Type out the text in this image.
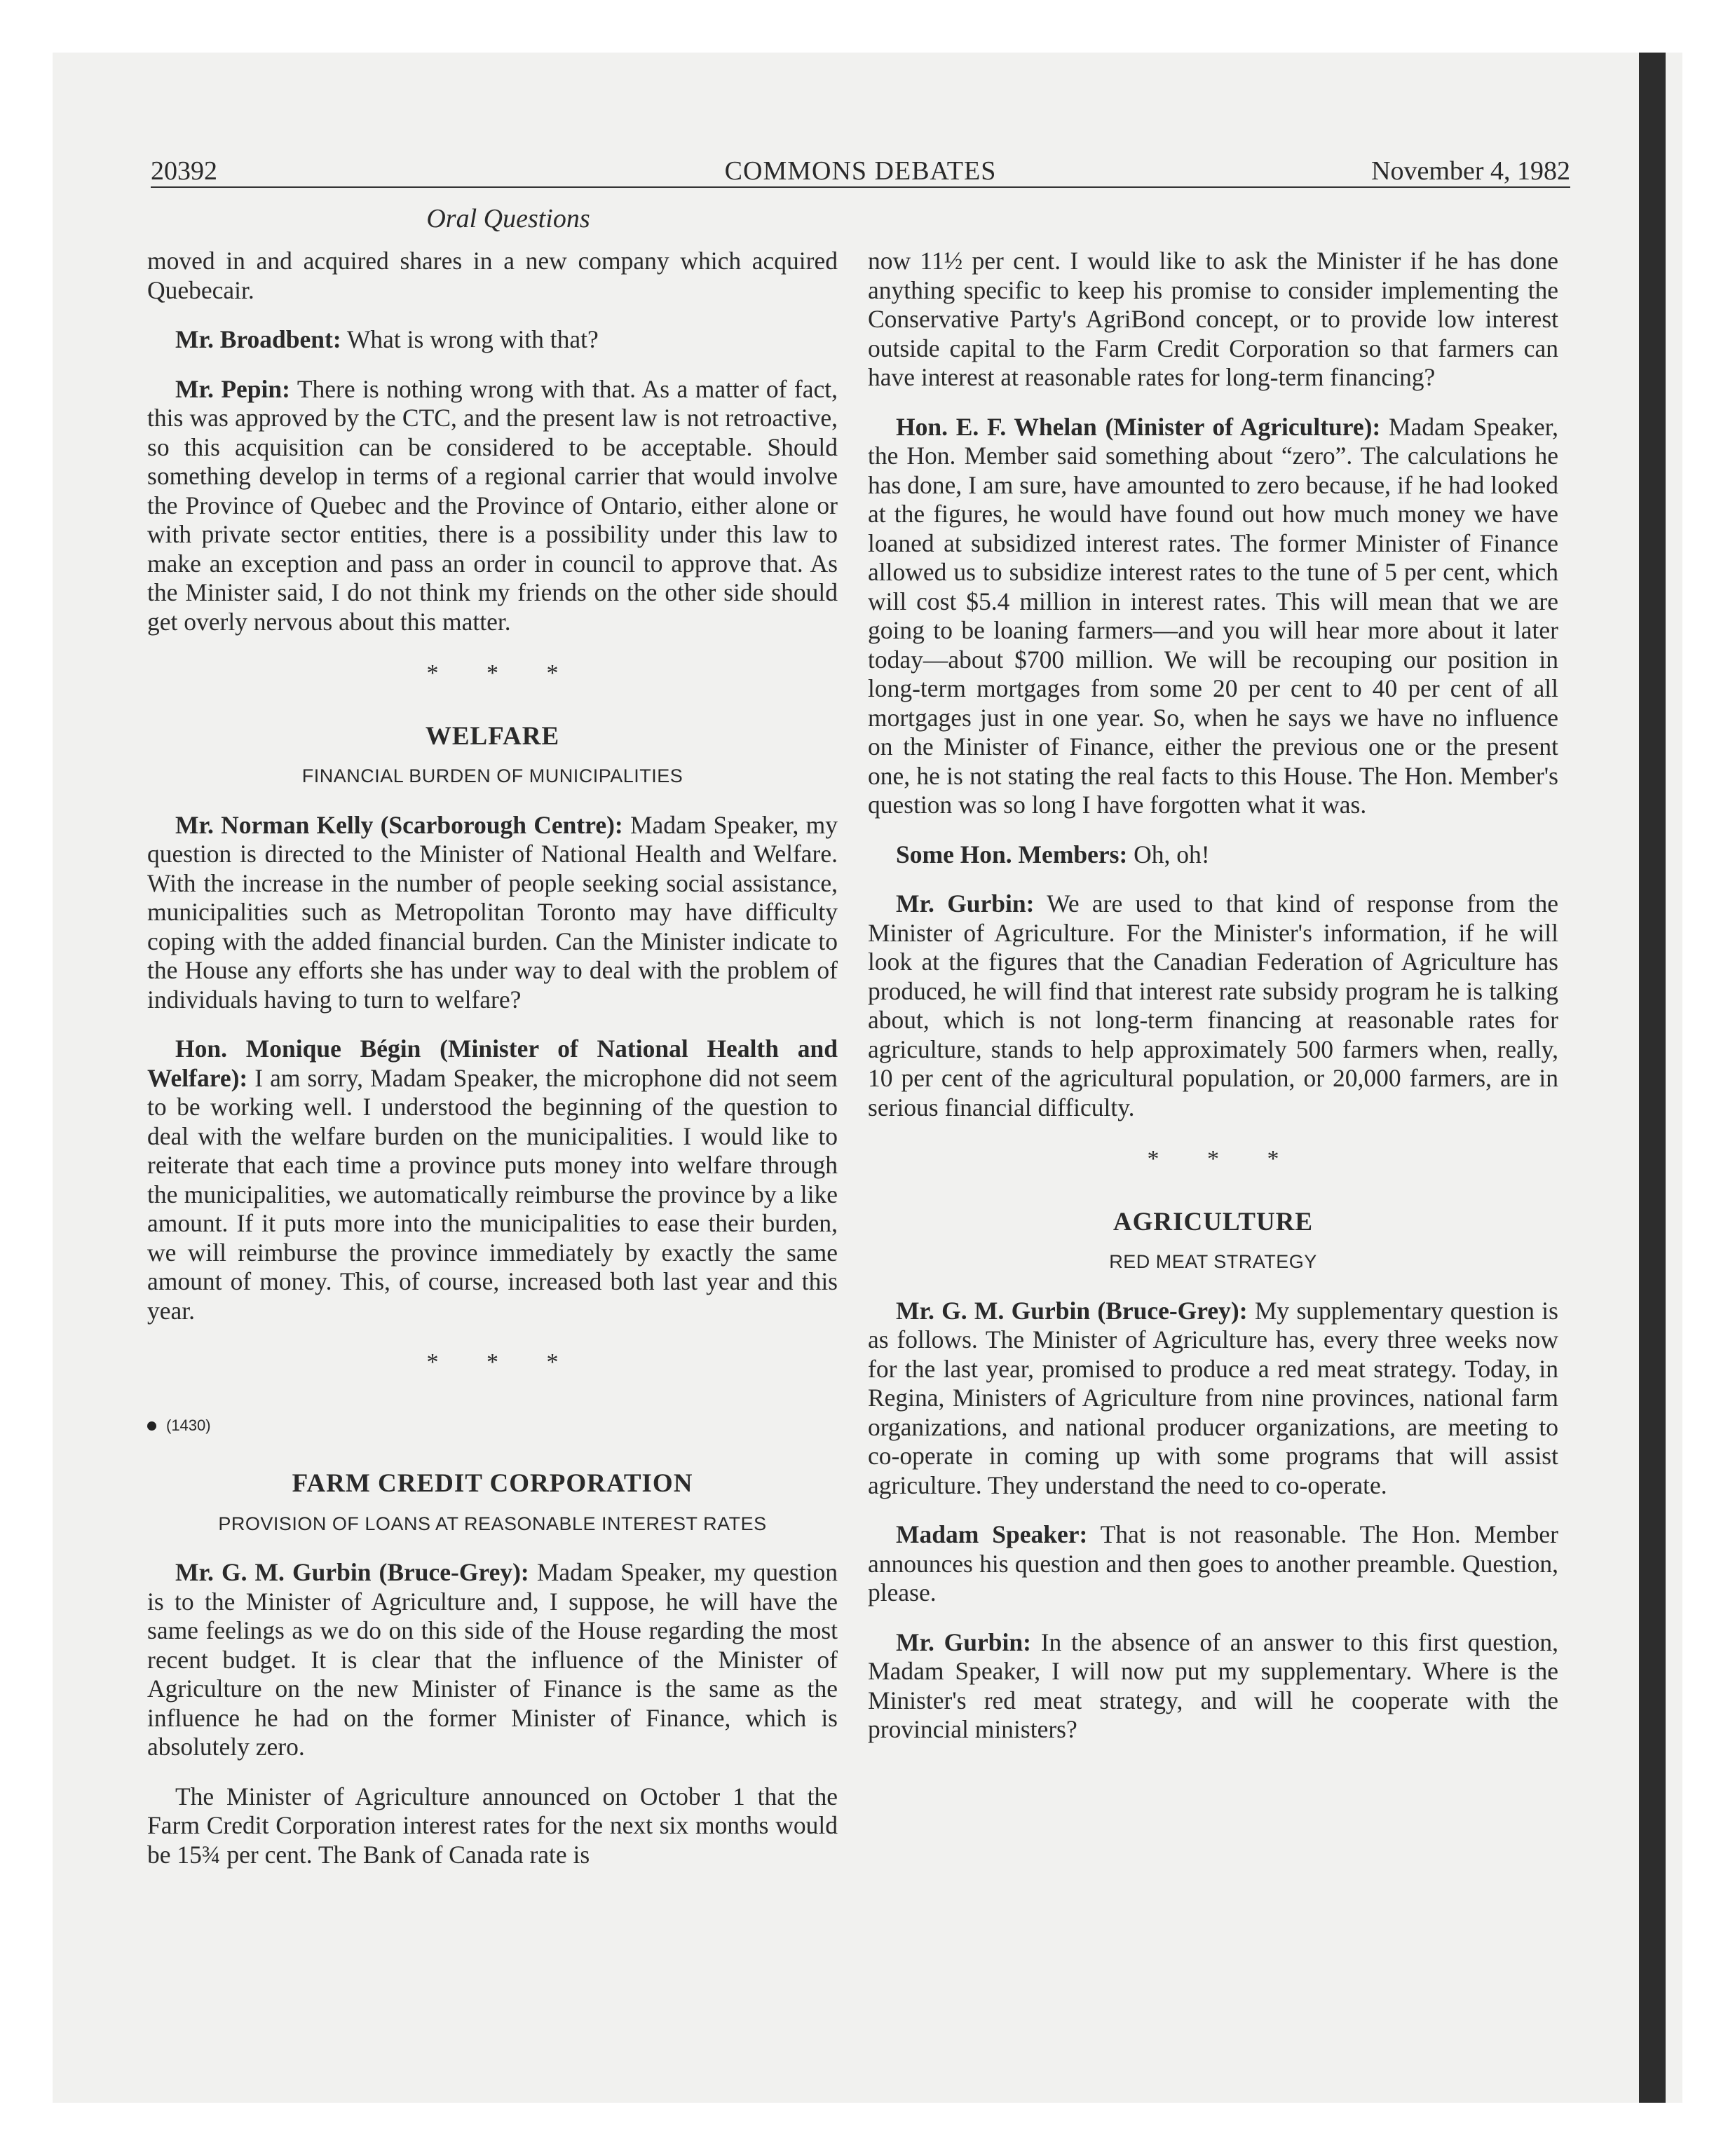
20392	COMMONS DEBATES	November 4, 1982
Oral Questions

moved in and acquired shares in a new company which acquired Quebecair.

Mr. Broadbent: What is wrong with that?

Mr. Pepin: There is nothing wrong with that. As a matter of fact, this was approved by the CTC, and the present law is not retroactive, so this acquisition can be considered to be acceptable. Should something develop in terms of a regional carrier that would involve the Province of Quebec and the Province of Ontario, either alone or with private sector entities, there is a possibility under this law to make an exception and pass an order in council to approve that. As the Minister said, I do not think my friends on the other side should get overly nervous about this matter.

* * *
WELFARE
FINANCIAL BURDEN OF MUNICIPALITIES

Mr. Norman Kelly (Scarborough Centre): Madam Speaker, my question is directed to the Minister of National Health and Welfare. With the increase in the number of people seeking social assistance, municipalities such as Metropolitan Toronto may have difficulty coping with the added financial burden. Can the Minister indicate to the House any efforts she has under way to deal with the problem of individuals having to turn to welfare?

Hon. Monique Bégin (Minister of National Health and Welfare): I am sorry, Madam Speaker, the microphone did not seem to be working well. I understood the beginning of the question to deal with the welfare burden on the municipalities. I would like to reiterate that each time a province puts money into welfare through the municipalities, we automatically reimburse the province by a like amount. If it puts more into the municipalities to ease their burden, we will reimburse the province immediately by exactly the same amount of money. This, of course, increased both last year and this year.

* * *
(1430)
FARM CREDIT CORPORATION
PROVISION OF LOANS AT REASONABLE INTEREST RATES

Mr. G. M. Gurbin (Bruce-Grey): Madam Speaker, my question is to the Minister of Agriculture and, I suppose, he will have the same feelings as we do on this side of the House regarding the most recent budget. It is clear that the influence of the Minister of Agriculture on the new Minister of Finance is the same as the influence he had on the former Minister of Finance, which is absolutely zero.

The Minister of Agriculture announced on October 1 that the Farm Credit Corporation interest rates for the next six months would be 15¾ per cent. The Bank of Canada rate is

now 11½ per cent. I would like to ask the Minister if he has done anything specific to keep his promise to consider implementing the Conservative Party's AgriBond concept, or to provide low interest outside capital to the Farm Credit Corporation so that farmers can have interest at reasonable rates for long-term financing?

Hon. E. F. Whelan (Minister of Agriculture): Madam Speaker, the Hon. Member said something about “zero”. The calculations he has done, I am sure, have amounted to zero because, if he had looked at the figures, he would have found out how much money we have loaned at subsidized interest rates. The former Minister of Finance allowed us to subsidize interest rates to the tune of 5 per cent, which will cost $5.4 million in interest rates. This will mean that we are going to be loaning farmers—and you will hear more about it later today—about $700 million. We will be recouping our position in long-term mortgages from some 20 per cent to 40 per cent of all mortgages just in one year. So, when he says we have no influence on the Minister of Finance, either the previous one or the present one, he is not stating the real facts to this House. The Hon. Member's question was so long I have forgotten what it was.

Some Hon. Members: Oh, oh!

Mr. Gurbin: We are used to that kind of response from the Minister of Agriculture. For the Minister's information, if he will look at the figures that the Canadian Federation of Agriculture has produced, he will find that interest rate subsidy program he is talking about, which is not long-term financing at reasonable rates for agriculture, stands to help approximately 500 farmers when, really, 10 per cent of the agricultural population, or 20,000 farmers, are in serious financial difficulty.

* * *
AGRICULTURE
RED MEAT STRATEGY

Mr. G. M. Gurbin (Bruce-Grey): My supplementary question is as follows. The Minister of Agriculture has, every three weeks now for the last year, promised to produce a red meat strategy. Today, in Regina, Ministers of Agriculture from nine provinces, national farm organizations, and national producer organizations, are meeting to co-operate in coming up with some programs that will assist agriculture. They understand the need to co-operate.

Madam Speaker: That is not reasonable. The Hon. Member announces his question and then goes to another preamble. Question, please.

Mr. Gurbin: In the absence of an answer to this first question, Madam Speaker, I will now put my supplementary. Where is the Minister's red meat strategy, and will he cooperate with the provincial ministers?
